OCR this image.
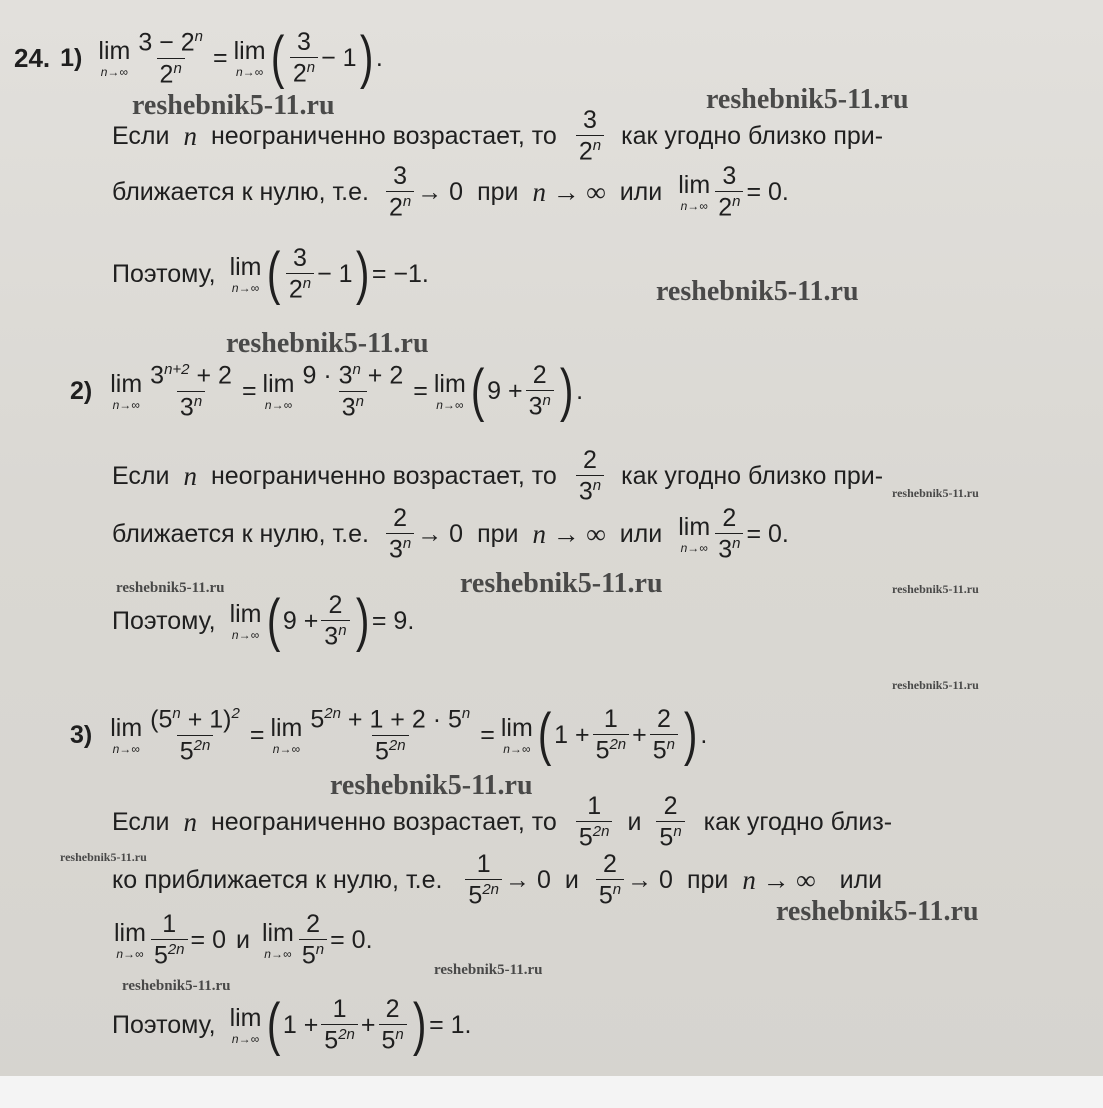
24. 1) lim
$n\to\infty \frac{3 - 2^n}{2^n} = \lim$
n→∞ ( $\frac{3}{2^n} - 1$ ) .
Если n неограниченно возрастает, то $\frac{3}{2^n}$ как угодно близко при-
ближается к нулю, т.е. $\frac{3}{2^n} \to 0$ при n → ∞ или lim
$n\to\infty \frac{3}{2^n} = 0$.
Поэтому, lim
n→∞ ( $\frac{3}{2^n} - 1$ ) = −1.
2) lim
$n\to\infty \frac{3^{n+2} + 2}{3^n} = \lim$
$n\to\infty \frac{9 \cdot 3^n + 2}{3^n} = \lim$
n→∞ ( $9 + \frac{2}{3^n}$ ) .
Если n неограниченно возрастает, то $\frac{2}{3^n}$ как угодно близко при-
ближается к нулю, т.е. $\frac{2}{3^n} \to 0$ при n → ∞ или lim
$n\to\infty \frac{2}{3^n} = 0$.
Поэтому, lim
n→∞ ( $9 + \frac{2}{3^n}$ ) = 9.
3) lim
$n\to\infty \frac{(5^n + 1)^2}{5^{2n}} = \lim$
$n\to\infty \frac{5^{2n} + 1 + 2 \cdot 5^n}{5^{2n}} = \lim$
n→∞ ( $1 + \frac{1}{5^{2n}} + \frac{2}{5^n}$ ) .
Если n неограниченно возрастает, то $\frac{1}{5^{2n}}$ и $\frac{2}{5^n}$ как угодно близ-
ко приближается к нулю, т.е. $\frac{1}{5^{2n}} \to 0$ и $\frac{2}{5^n} \to 0$ при n → ∞ или
lim
$n\to\infty \frac{1}{5^{2n}} = 0$ и lim
$n\to\infty \frac{2}{5^n} = 0$.
Поэтому, lim
n→∞ ( $1 + \frac{1}{5^{2n}} + \frac{2}{5^n}$ ) = 1.
reshebnik5-11.ru	reshebnik5-11.ru
reshebnik5-11.ru
reshebnik5-11.ru
reshebnik5-11.ru
reshebnik5-11.ru	reshebnik5-11.ru	reshebnik5-11.ru
reshebnik5-11.ru
reshebnik5-11.ru
reshebnik5-11.ru
reshebnik5-11.ru
reshebnik5-11.ru
reshebnik5-11.ru
